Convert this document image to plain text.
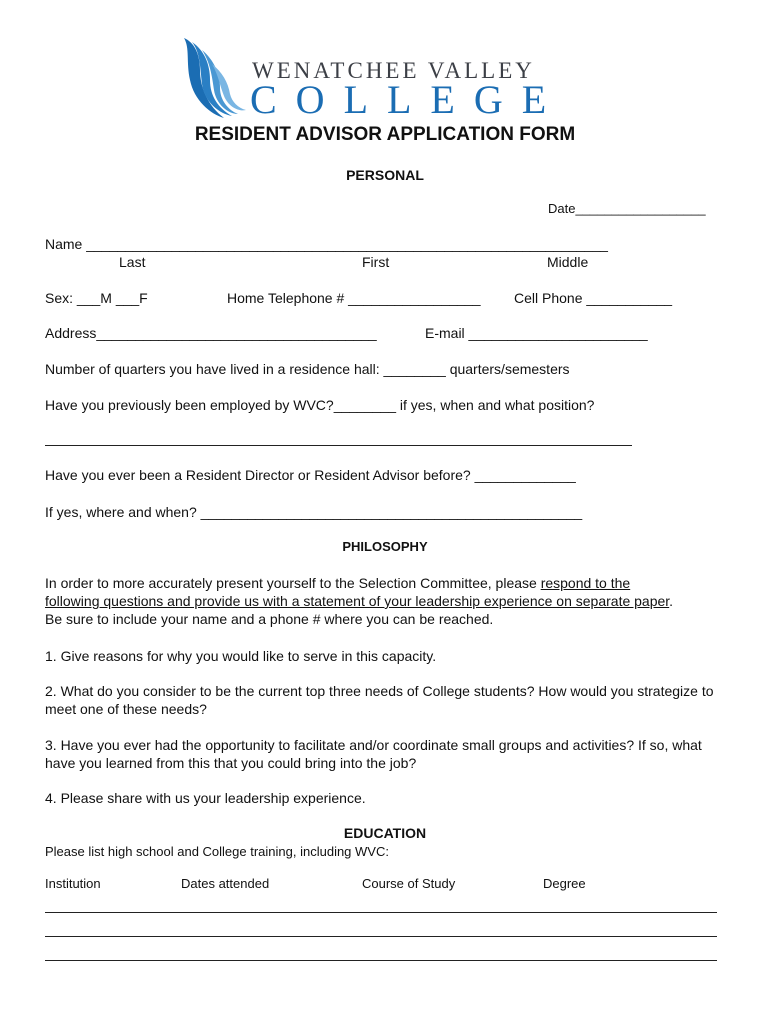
WENATCHEE VALLEY
COLLEGE
RESIDENT ADVISOR APPLICATION FORM
PERSONAL
Date__________________
Name ___________________________________________________________________
Last	First	Middle
Sex: ___M ___F	Home Telephone # _________________ Cell Phone ___________
Address____________________________________	E-mail _______________________
Number of quarters you have lived in a residence hall: ________ quarters/semesters
Have you previously been employed by WVC?________ if yes, when and what position?
Have you ever been a Resident Director or Resident Advisor before? _____________
If yes, where and when? _________________________________________________
PHILOSOPHY
In order to more accurately present yourself to the Selection Committee, please respond to the
following questions and provide us with a statement of your leadership experience on separate paper.
Be sure to include your name and a phone # where you can be reached.
1. Give reasons for why you would like to serve in this capacity.
2. What do you consider to be the current top three needs of College students? How would you strategize to meet one of these needs?
3. Have you ever had the opportunity to facilitate and/or coordinate small groups and activities? If so, what have you learned from this that you could bring into the job?
4. Please share with us your leadership experience.
EDUCATION
Please list high school and College training, including WVC:
Institution	Dates attended	Course of Study	Degree
